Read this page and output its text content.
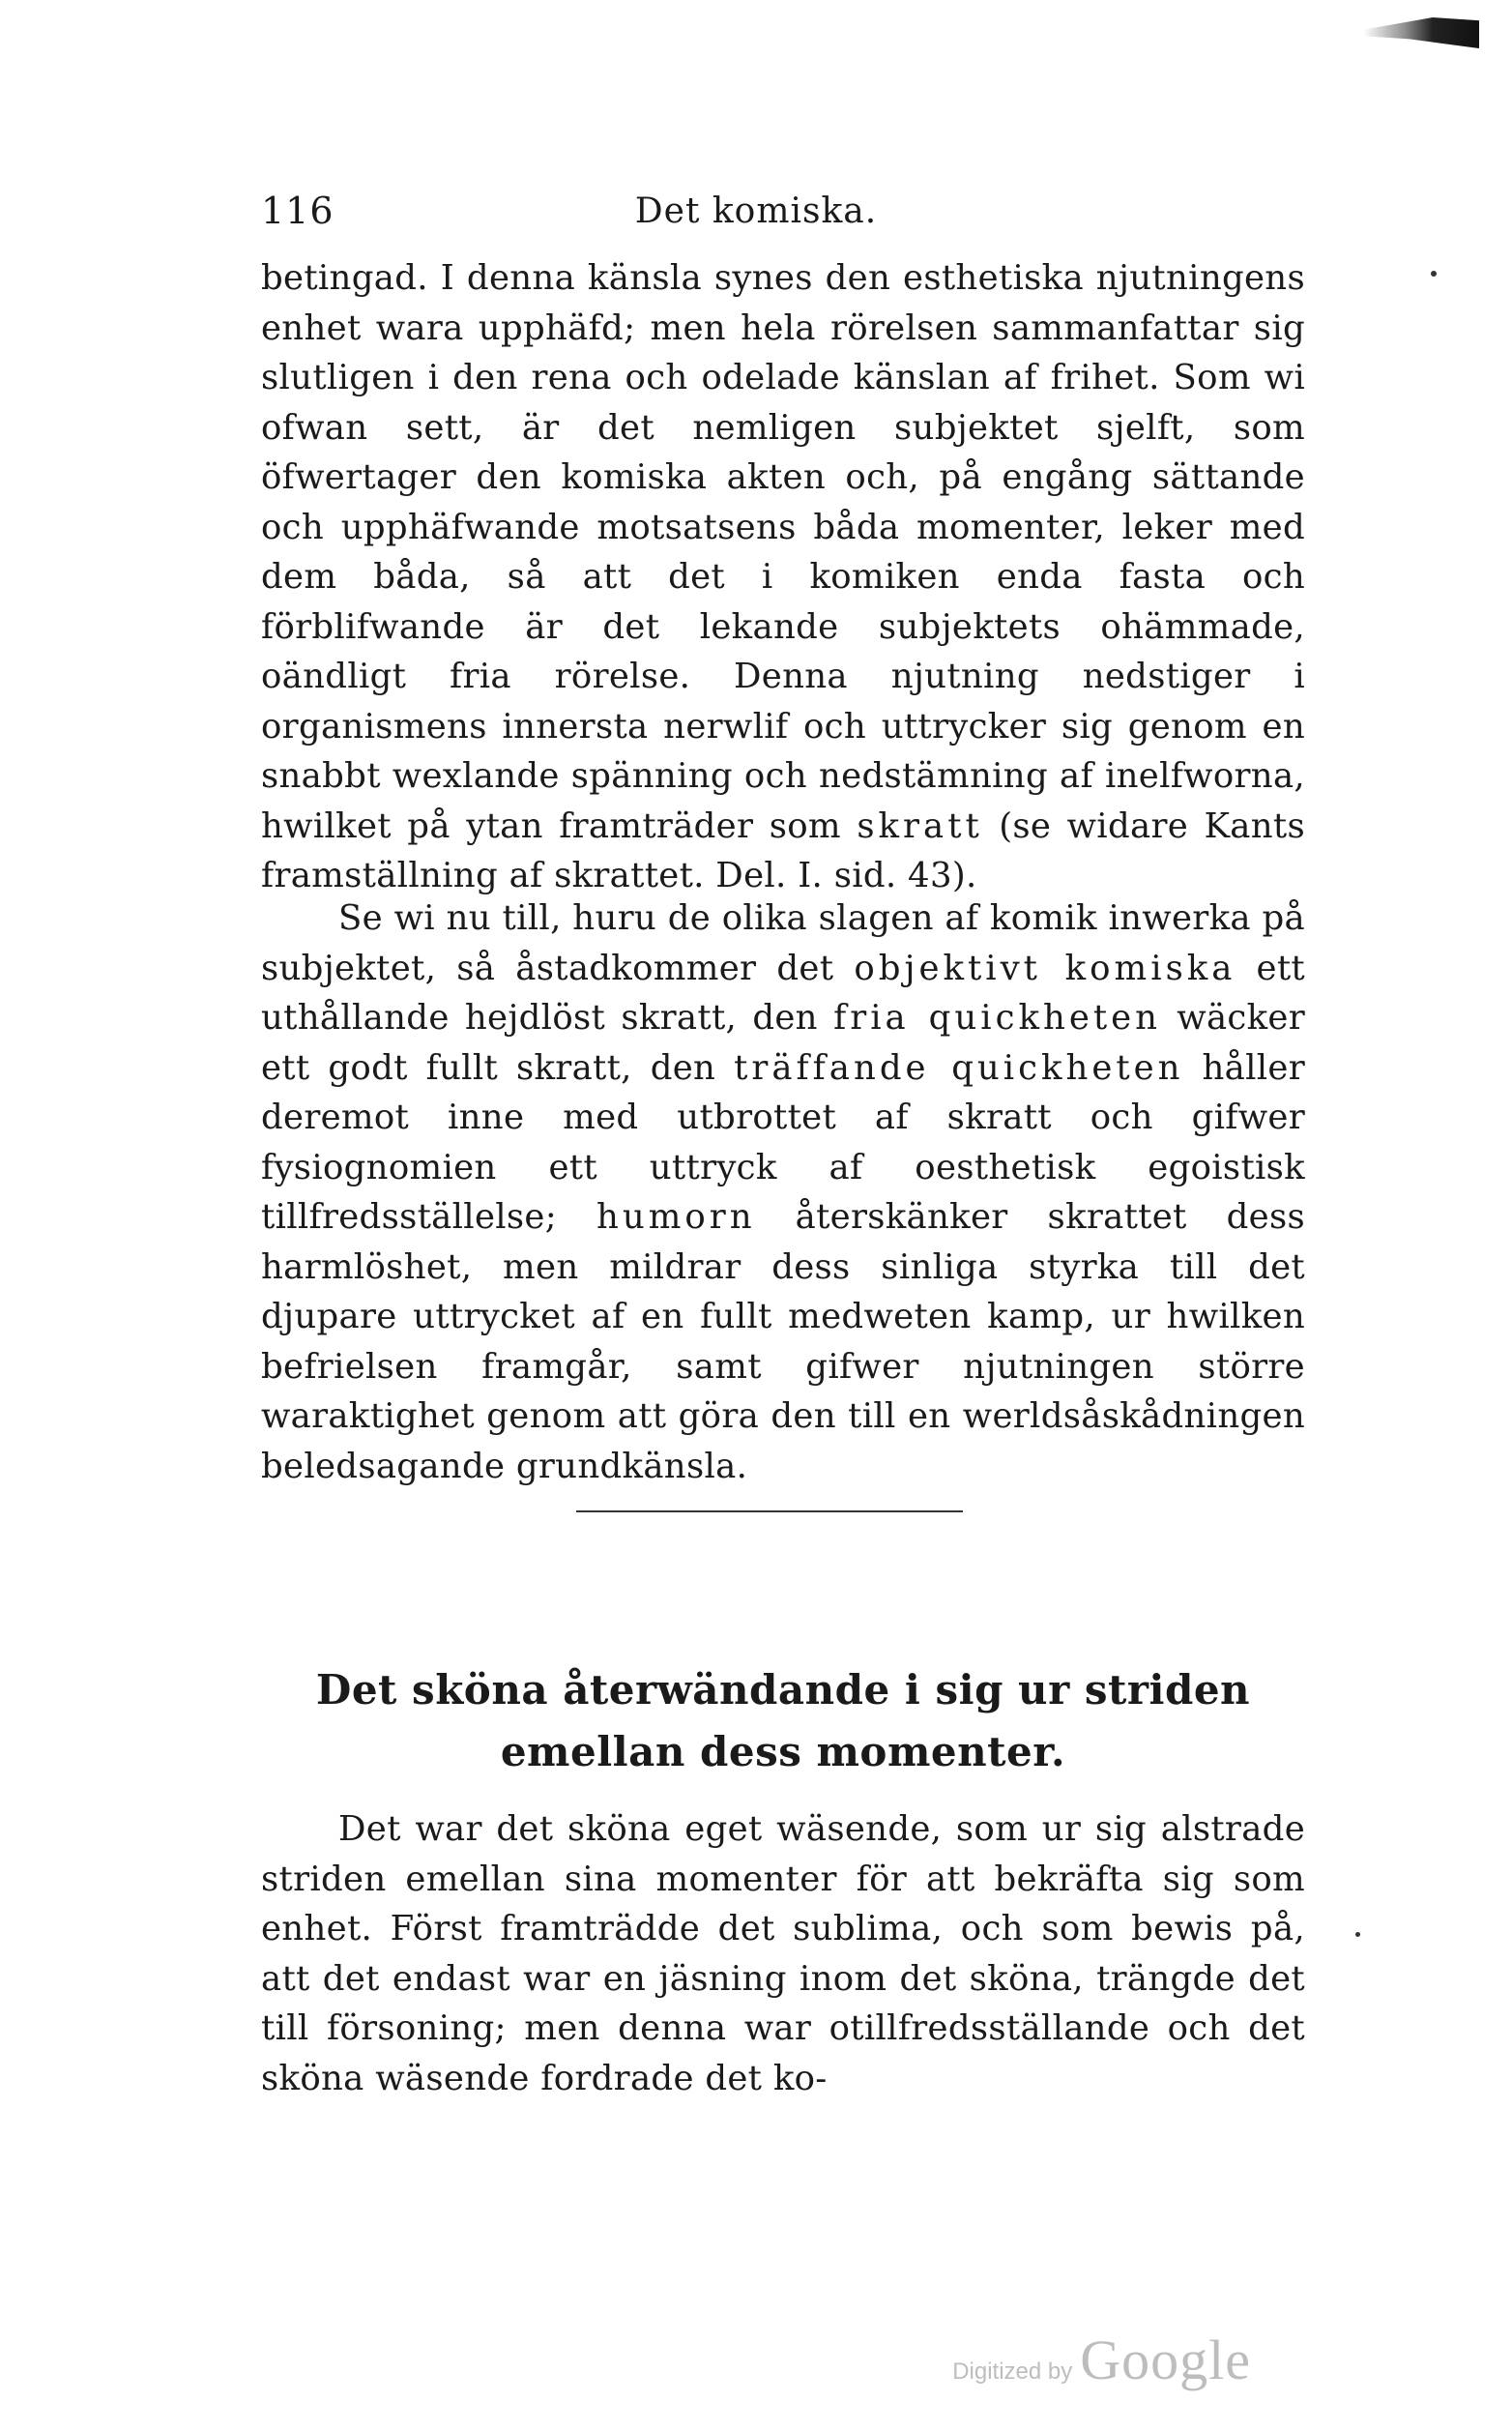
116	Det komiska.

betingad. I denna känsla synes den esthetiska njutningens enhet wara upphäfd; men hela rörelsen sammanfattar sig slutligen i den rena och odelade känslan af frihet. Som wi ofwan sett, är det nemligen subjektet sjelft, som öfwertager den komiska akten och, på engång sättande och upphäfwande motsatsens båda momenter, leker med dem båda, så att det i komiken enda fasta och förblifwande är det lekande subjektets ohämmade, oändligt fria rörelse. Denna njutning nedstiger i organismens innersta nerwlif och uttrycker sig genom en snabbt wexlande spänning och nedstämning af inelfworna, hwilket på ytan framträder som skratt (se widare Kants framställning af skrattet. Del. I. sid. 43).

Se wi nu till, huru de olika slagen af komik inwerka på subjektet, så åstadkommer det objektivt komiska ett uthållande hejdlöst skratt, den fria quickheten wäcker ett godt fullt skratt, den träffande quickheten håller deremot inne med utbrottet af skratt och gifwer fysiognomien ett uttryck af oesthetisk egoistisk tillfredsställelse; humorn återskänker skrattet dess harmlöshet, men mildrar dess sinliga styrka till det djupare uttrycket af en fullt medweten kamp, ur hwilken befrielsen framgår, samt gifwer njutningen större waraktighet genom att göra den till en werldsåskådningen beledsagande grundkänsla.

Det sköna återwändande i sig ur striden emellan dess momenter.

Det war det sköna eget wäsende, som ur sig alstrade striden emellan sina momenter för att bekräfta sig som enhet. Först framträdde det sublima, och som bewis på, att det endast war en jäsning inom det sköna, trängde det till försoning; men denna war otillfredsställande och det sköna wäsende fordrade det ko-

Digitized by Google
